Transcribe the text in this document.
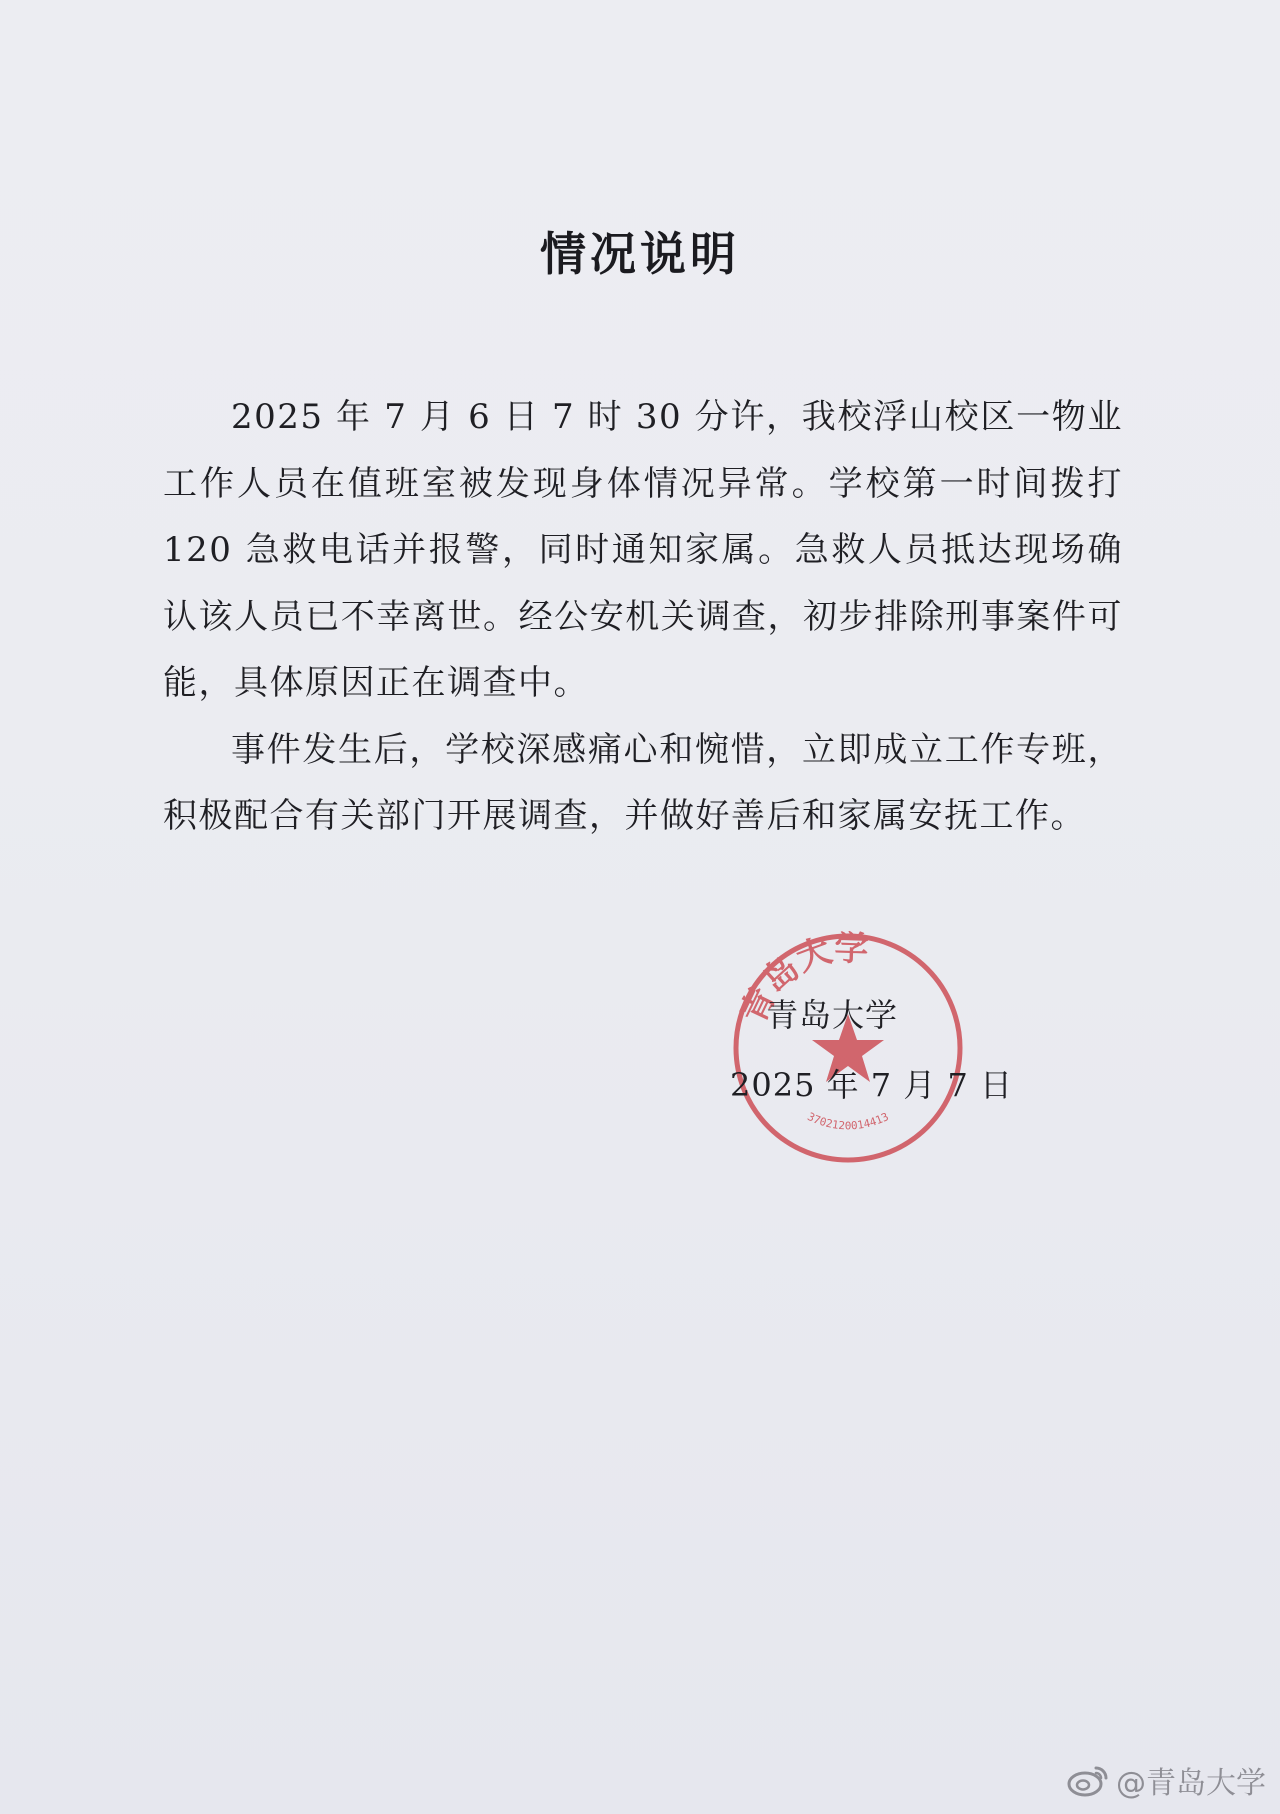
情况说明

2025 年 7 月 6 日 7 时 30 分许，我校浮山校区一物业工作人员在值班室被发现身体情况异常。学校第一时间拨打 120 急救电话并报警，同时通知家属。急救人员抵达现场确认该人员已不幸离世。经公安机关调查，初步排除刑事案件可能，具体原因正在调查中。

事件发生后，学校深感痛心和惋惜，立即成立工作专班，积极配合有关部门开展调查，并做好善后和家属安抚工作。

青岛大学
3702120014413
青岛大学
2025 年 7 月 7 日
@青岛大学
